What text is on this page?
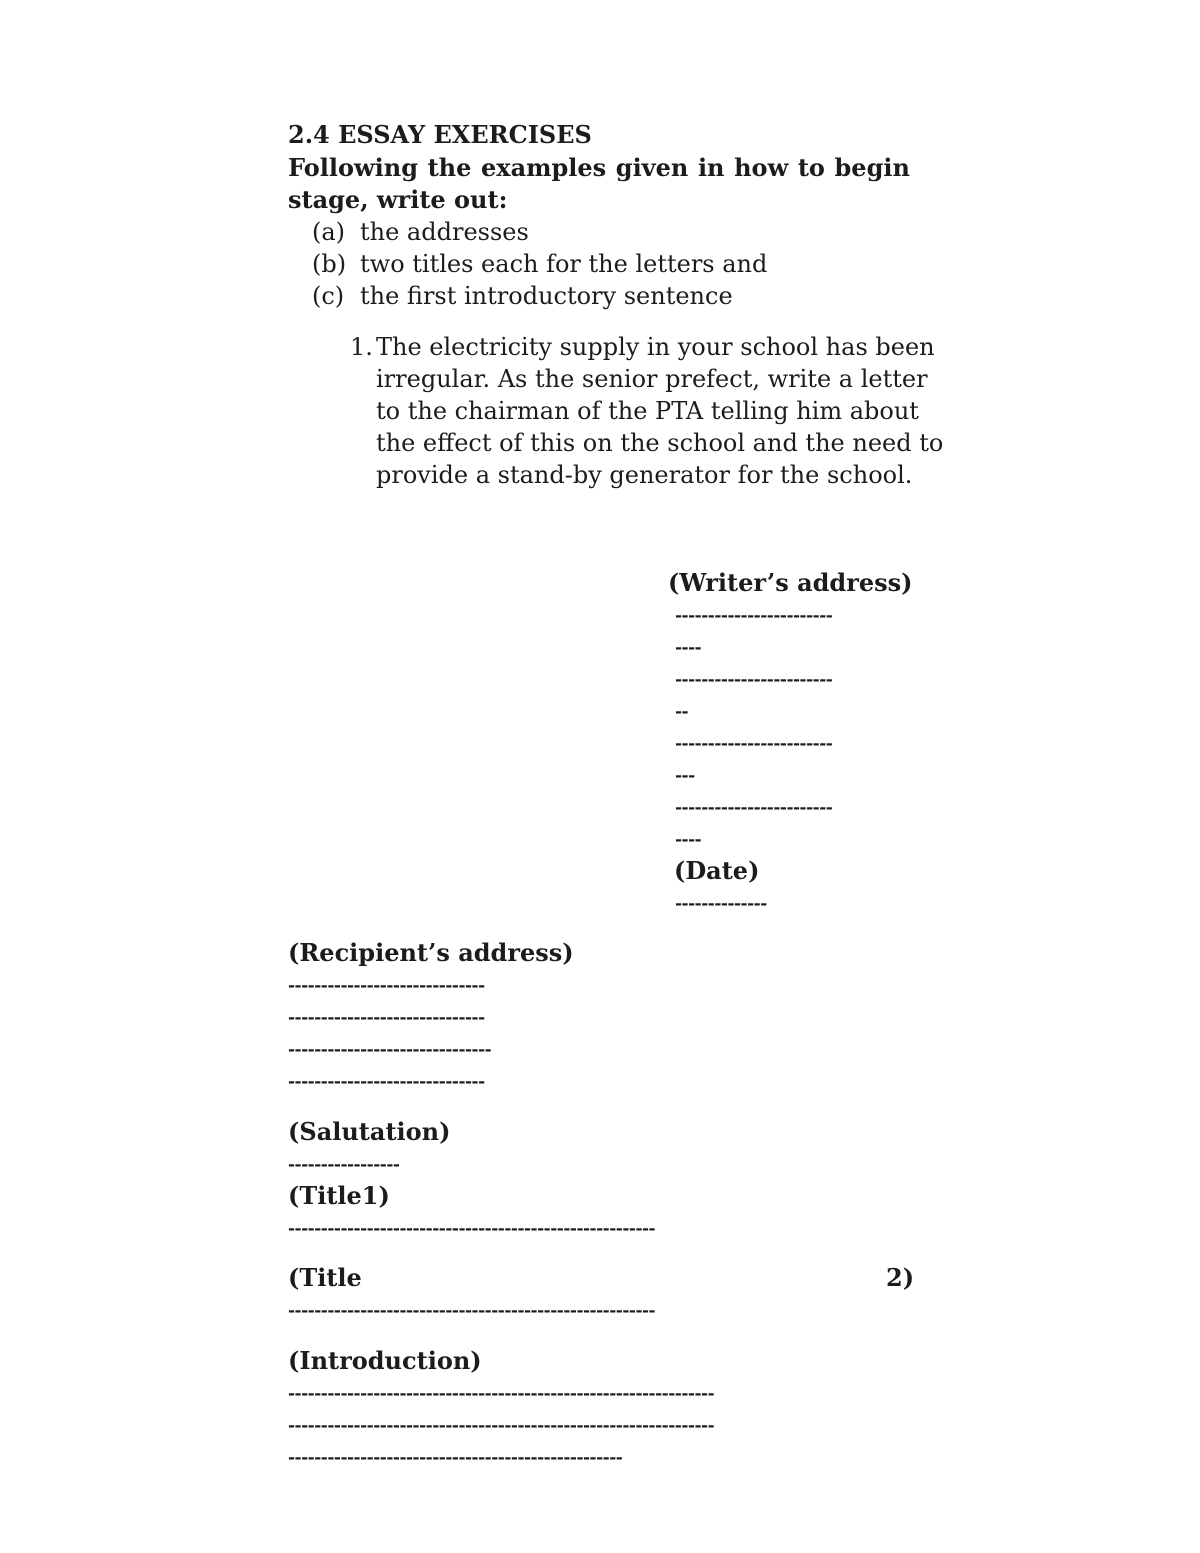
2.4 ESSAY EXERCISES
Following the examples given in how to begin
stage, write out:
(a) the addresses
(b) two titles each for the letters and
(c) the first introductory sentence
1. The electricity supply in your school has been
irregular. As the senior prefect, write a letter
to the chairman of the PTA telling him about
the effect of this on the school and the need to
provide a stand-by generator for the school.
(Writer’s address)
------------------------
----
------------------------
--
------------------------
---
------------------------
----
(Date)
--------------
(Recipient’s address)
------------------------------
------------------------------
-------------------------------
------------------------------
(Salutation)
-----------------
(Title1)
--------------------------------------------------------
(Title	2)
--------------------------------------------------------
(Introduction)
-----------------------------------------------------------------
-----------------------------------------------------------------
---------------------------------------------------
